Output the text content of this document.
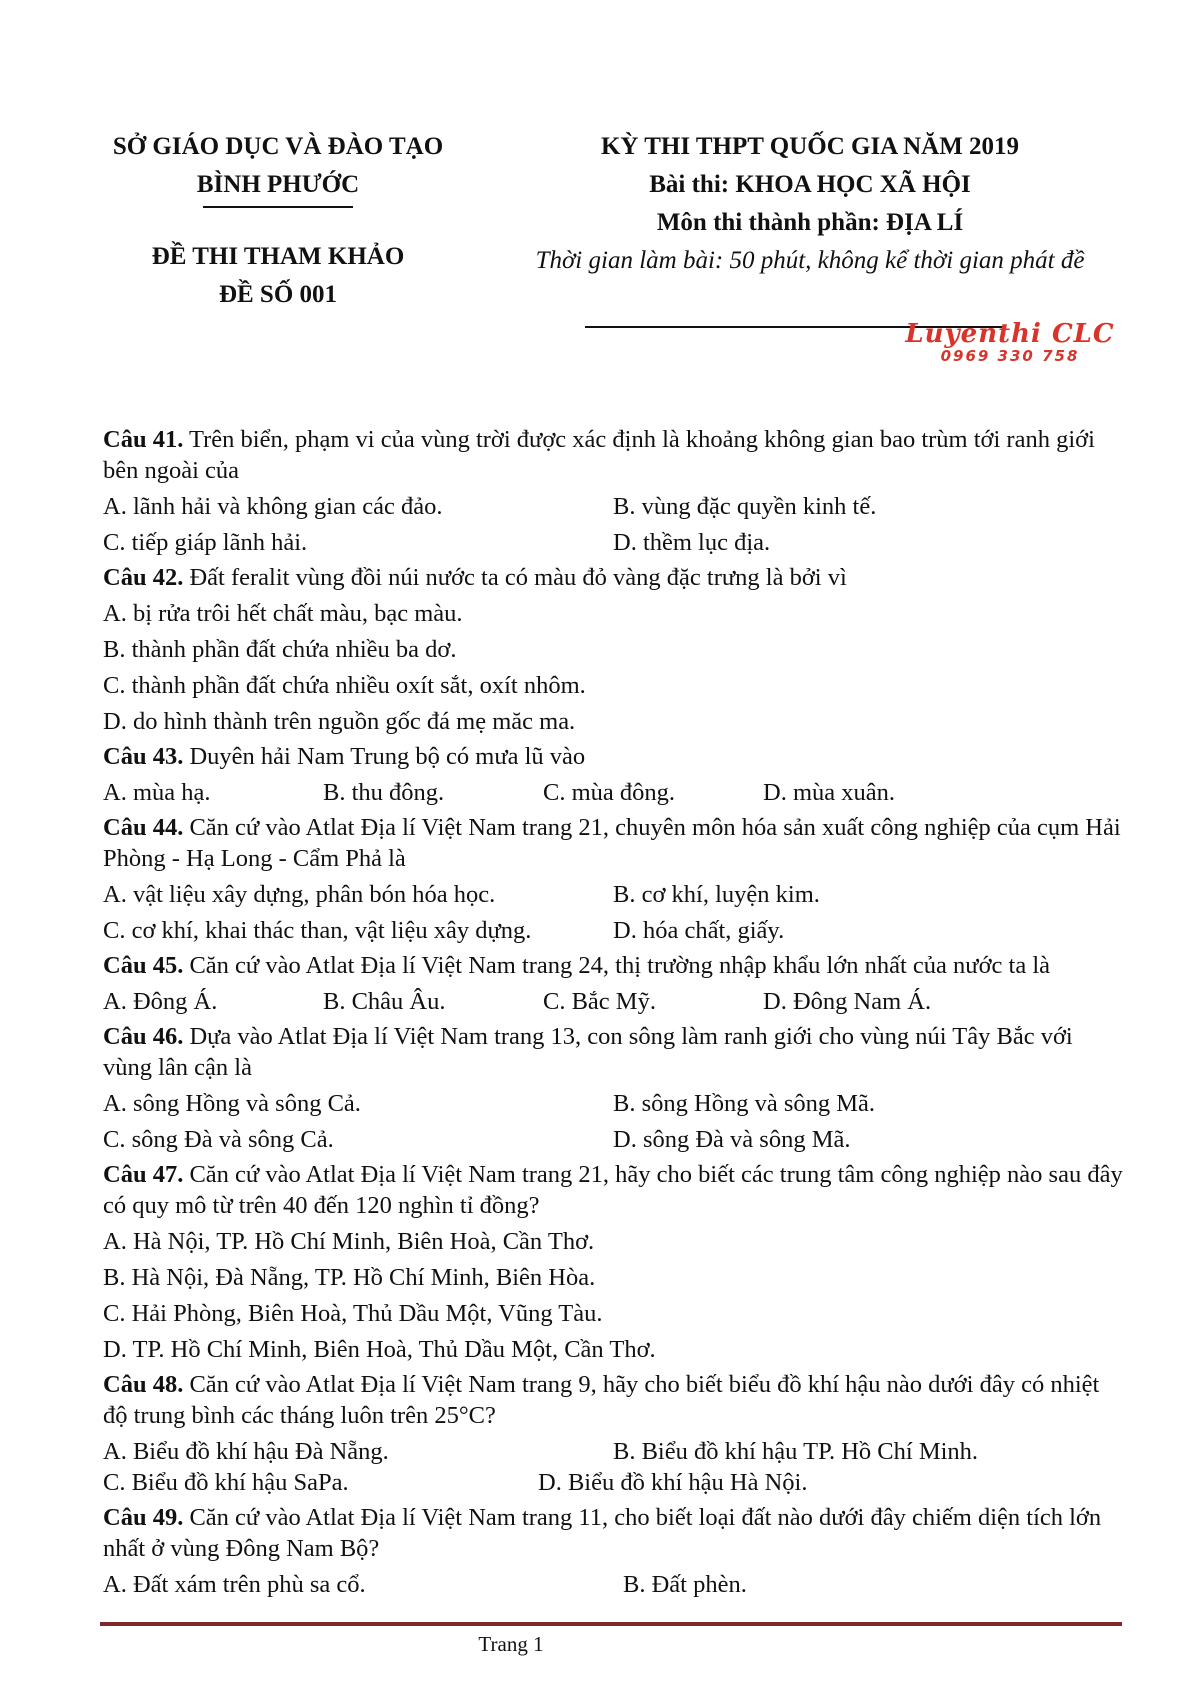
SỞ GIÁO DỤC VÀ ĐÀO TẠO
BÌNH PHƯỚC
ĐỀ THI THAM KHẢO
ĐỀ SỐ 001
KỲ THI THPT QUỐC GIA NĂM 2019
Bài thi: KHOA HỌC XÃ HỘI
Môn thi thành phần: ĐỊA LÍ
Thời gian làm bài: 50 phút, không kể thời gian phát đề
Luyenthi CLC
0969 330 758
Câu 41. Trên biển, phạm vi của vùng trời được xác định là khoảng không gian bao trùm tới ranh giới bên ngoài của
A. lãnh hải và không gian các đảo.	B. vùng đặc quyền kinh tế.
C. tiếp giáp lãnh hải.	D. thềm lục địa.
Câu 42. Đất feralit vùng đồi núi nước ta có màu đỏ vàng đặc trưng là bởi vì
A. bị rửa trôi hết chất màu, bạc màu.
B. thành phần đất chứa nhiều ba dơ.
C. thành phần đất chứa nhiều oxít sắt, oxít nhôm.
D. do hình thành trên nguồn gốc đá mẹ măc ma.
Câu 43. Duyên hải Nam Trung bộ có mưa lũ vào
A. mùa hạ.	B. thu đông.	C. mùa đông.	D. mùa xuân.
Câu 44. Căn cứ vào Atlat Địa lí Việt Nam trang 21, chuyên môn hóa sản xuất công nghiệp của cụm Hải Phòng - Hạ Long - Cẩm Phả là
A. vật liệu xây dựng, phân bón hóa học.	B. cơ khí, luyện kim.
C. cơ khí, khai thác than, vật liệu xây dựng.	D. hóa chất, giấy.
Câu 45. Căn cứ vào Atlat Địa lí Việt Nam trang 24, thị trường nhập khẩu lớn nhất của nước ta là
A. Đông Á.	B. Châu Âu.	C. Bắc Mỹ.	D. Đông Nam Á.
Câu 46. Dựa vào Atlat Địa lí Việt Nam trang 13, con sông làm ranh giới cho vùng núi Tây Bắc với vùng lân cận là
A. sông Hồng và sông Cả.	B. sông Hồng và sông Mã.
C. sông Đà và sông Cả.	D. sông Đà và sông Mã.
Câu 47. Căn cứ vào Atlat Địa lí Việt Nam trang 21, hãy cho biết các trung tâm công nghiệp nào sau đây có quy mô từ trên 40 đến 120 nghìn tỉ đồng?
A. Hà Nội, TP. Hồ Chí Minh, Biên Hoà, Cần Thơ.
B. Hà Nội, Đà Nẵng, TP. Hồ Chí Minh, Biên Hòa.
C. Hải Phòng, Biên Hoà, Thủ Dầu Một, Vũng Tàu.
D. TP. Hồ Chí Minh, Biên Hoà, Thủ Dầu Một, Cần Thơ.
Câu 48. Căn cứ vào Atlat Địa lí Việt Nam trang 9, hãy cho biết biểu đồ khí hậu nào dưới đây có nhiệt độ trung bình các tháng luôn trên 25°C?
A. Biểu đồ khí hậu Đà Nẵng.	B. Biểu đồ khí hậu TP. Hồ Chí Minh.
C. Biểu đồ khí hậu SaPa.	D. Biểu đồ khí hậu Hà Nội.
Câu 49. Căn cứ vào Atlat Địa lí Việt Nam trang 11, cho biết loại đất nào dưới đây chiếm diện tích lớn nhất ở vùng Đông Nam Bộ?
A. Đất xám trên phù sa cổ.	B. Đất phèn.
Trang 1
